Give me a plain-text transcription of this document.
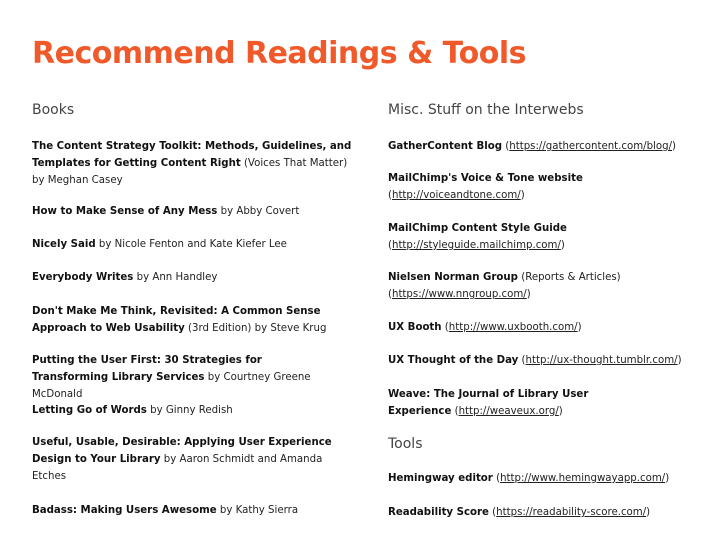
Recommend Readings & Tools
Books
The Content Strategy Toolkit: Methods, Guidelines, and Templates for Getting Content Right (Voices That Matter) by Meghan Casey
How to Make Sense of Any Mess by Abby Covert
Nicely Said by Nicole Fenton and Kate Kiefer Lee
Everybody Writes by Ann Handley
Don't Make Me Think, Revisited: A Common Sense Approach to Web Usability (3rd Edition) by Steve Krug
Putting the User First: 30 Strategies for Transforming Library Services by Courtney Greene McDonald
Letting Go of Words by Ginny Redish
Useful, Usable, Desirable: Applying User Experience Design to Your Library by Aaron Schmidt and Amanda Etches
Badass: Making Users Awesome by Kathy Sierra
Misc. Stuff on the Interwebs
GatherContent Blog (https://gathercontent.com/blog/)
MailChimp's Voice & Tone website (http://voiceandtone.com/)
MailChimp Content Style Guide (http://styleguide.mailchimp.com/)
Nielsen Norman Group (Reports & Articles) (https://www.nngroup.com/)
UX Booth (http://www.uxbooth.com/)
UX Thought of the Day (http://ux-thought.tumblr.com/)
Weave: The Journal of Library User Experience (http://weaveux.org/)
Tools
Hemingway editor (http://www.hemingwayapp.com/)
Readability Score (https://readability-score.com/)
